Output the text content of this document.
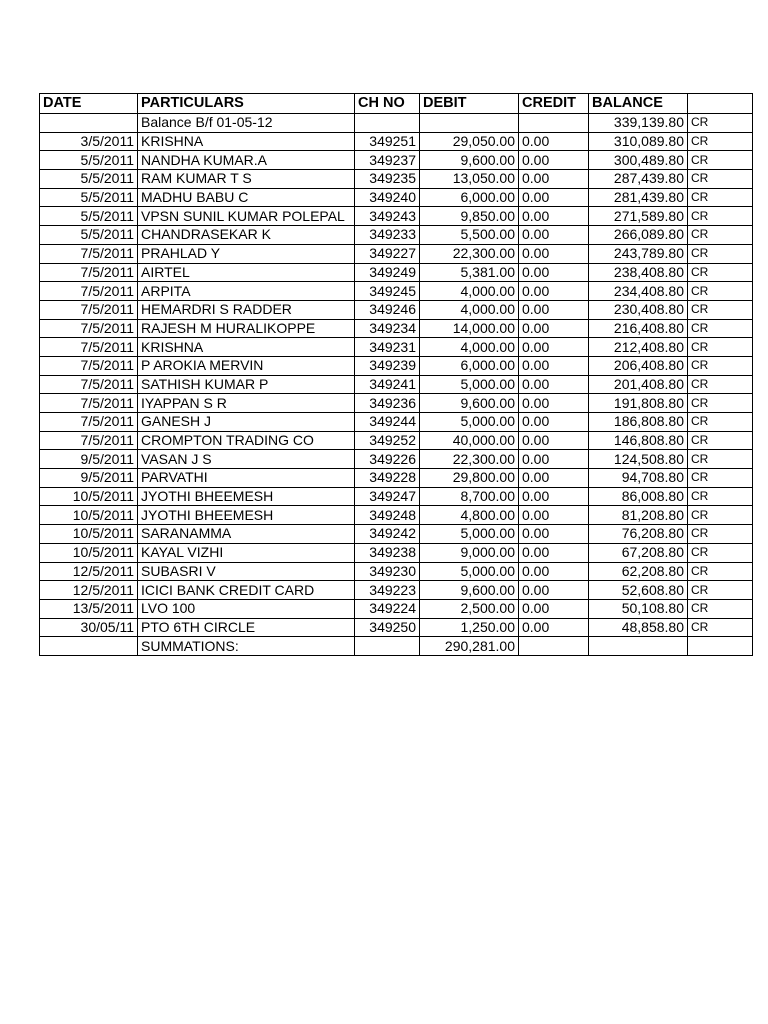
DATE	PARTICULARS	CH NO	DEBIT	CREDIT	BALANCE	
	Balance B/f 01-05-12				339,139.80	CR
3/5/2011	KRISHNA	349251	29,050.00	0.00	310,089.80	CR
5/5/2011	NANDHA KUMAR.A	349237	9,600.00	0.00	300,489.80	CR
5/5/2011	RAM KUMAR T S	349235	13,050.00	0.00	287,439.80	CR
5/5/2011	MADHU BABU C	349240	6,000.00	0.00	281,439.80	CR
5/5/2011	VPSN SUNIL KUMAR POLEPAL	349243	9,850.00	0.00	271,589.80	CR
5/5/2011	CHANDRASEKAR K	349233	5,500.00	0.00	266,089.80	CR
7/5/2011	PRAHLAD Y	349227	22,300.00	0.00	243,789.80	CR
7/5/2011	AIRTEL	349249	5,381.00	0.00	238,408.80	CR
7/5/2011	ARPITA	349245	4,000.00	0.00	234,408.80	CR
7/5/2011	HEMARDRI S RADDER	349246	4,000.00	0.00	230,408.80	CR
7/5/2011	RAJESH M HURALIKOPPE	349234	14,000.00	0.00	216,408.80	CR
7/5/2011	KRISHNA	349231	4,000.00	0.00	212,408.80	CR
7/5/2011	P AROKIA MERVIN	349239	6,000.00	0.00	206,408.80	CR
7/5/2011	SATHISH KUMAR P	349241	5,000.00	0.00	201,408.80	CR
7/5/2011	IYAPPAN S R	349236	9,600.00	0.00	191,808.80	CR
7/5/2011	GANESH J	349244	5,000.00	0.00	186,808.80	CR
7/5/2011	CROMPTON TRADING CO	349252	40,000.00	0.00	146,808.80	CR
9/5/2011	VASAN J S	349226	22,300.00	0.00	124,508.80	CR
9/5/2011	PARVATHI	349228	29,800.00	0.00	94,708.80	CR
10/5/2011	JYOTHI BHEEMESH	349247	8,700.00	0.00	86,008.80	CR
10/5/2011	JYOTHI BHEEMESH	349248	4,800.00	0.00	81,208.80	CR
10/5/2011	SARANAMMA	349242	5,000.00	0.00	76,208.80	CR
10/5/2011	KAYAL VIZHI	349238	9,000.00	0.00	67,208.80	CR
12/5/2011	SUBASRI V	349230	5,000.00	0.00	62,208.80	CR
12/5/2011	ICICI BANK CREDIT CARD	349223	9,600.00	0.00	52,608.80	CR
13/5/2011	LVO 100	349224	2,500.00	0.00	50,108.80	CR
30/05/11	PTO 6TH CIRCLE	349250	1,250.00	0.00	48,858.80	CR
	SUMMATIONS:		290,281.00			
